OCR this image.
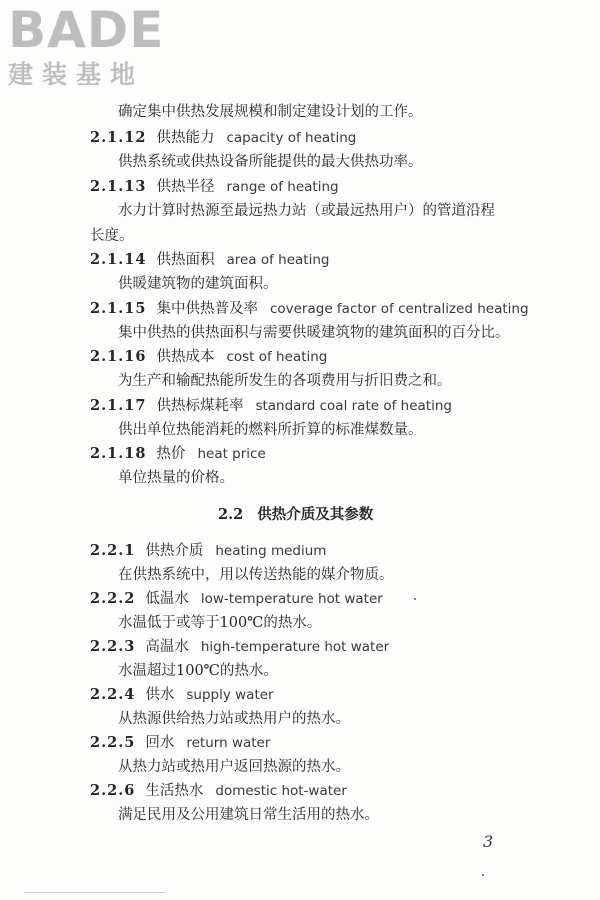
BADE
建装基地
确定集中供热发展规模和制定建设计划的工作。
2.1.12 供热能力 capacity of heating
供热系统或供热设备所能提供的最大供热功率。
2.1.13 供热半径 range of heating
水力计算时热源至最远热力站（或最远热用户）的管道沿程
长度。
2.1.14 供热面积 area of heating
供暖建筑物的建筑面积。
2.1.15 集中供热普及率 coverage factor of centralized heating
集中供热的供热面积与需要供暖建筑物的建筑面积的百分比。
2.1.16 供热成本 cost of heating
为生产和输配热能所发生的各项费用与折旧费之和。
2.1.17 供热标煤耗率 standard coal rate of heating
供出单位热能消耗的燃料所折算的标准煤数量。
2.1.18 热价 heat price
单位热量的价格。
2.2 供热介质及其参数
2.2.1 供热介质 heating medium
在供热系统中，用以传送热能的媒介物质。
2.2.2 低温水 low-temperature hot water
水温低于或等于100℃的热水。
2.2.3 高温水 high-temperature hot water
水温超过100℃的热水。
2.2.4 供水 supply water
从热源供给热力站或热用户的热水。
2.2.5 回水 return water
从热力站或热用户返回热源的热水。
2.2.6 生活热水 domestic hot-water
满足民用及公用建筑日常生活用的热水。
3
